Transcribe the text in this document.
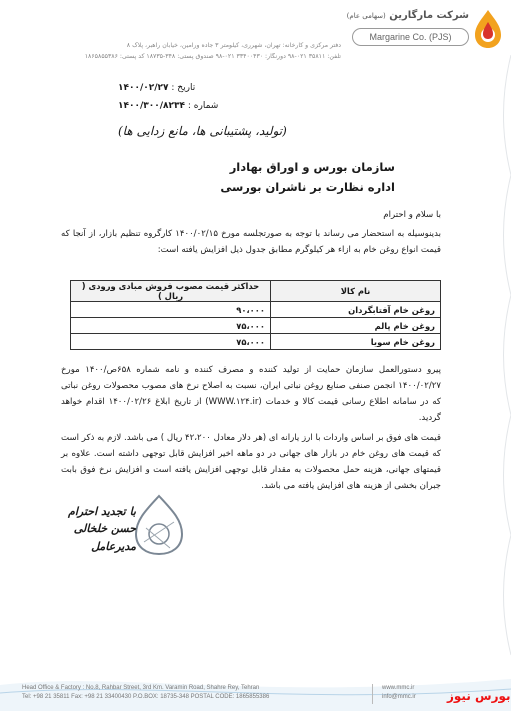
شرکت مارگارین (سهامی عام)
Margarine Co. (PJS)
دفتر مرکزی و کارخانه: تهران، شهرری، کیلومتر ۳ جاده ورامین، خیابان راهبر، پلاک ۸
تلفن: ۳۵۸۱۱ ۰۲۱-۹۸ دورنگار: ۳۳۴۰۰۴۳۰ ۰۲۱-۹۸ صندوق پستی: ۳۴۸-۱۸۷۳۵ کد پستی: ۱۸۶۵۸۵۵۳۸۶
تاریخ : ۱۴۰۰/۰۲/۲۷
شماره : ۱۴۰۰/۳۰۰/۸۲۳۴
(تولید، پشتیبانی ها، مانع زدایی ها)
سازمان بورس و اوراق بهادار
اداره نظارت بر ناشران بورسی
با سلام و احترام
بدینوسیله به استحضار می رساند با توجه به صورتجلسه مورخ ۱۴۰۰/۰۲/۱۵ کارگروه تنظیم بازار، از آنجا که قیمت انواع روغن خام به ازاء هر کیلوگرم مطابق جدول ذیل افزایش یافته است:
نام کالا	حداکثر قیمت مصوب فروش مبادی ورودی ( ریال )
روغن خام آفتابگردان	۹۰،۰۰۰
روغن خام پالم	۷۵،۰۰۰
روغن خام سویا	۷۵،۰۰۰
پیرو دستورالعمل سازمان حمایت از تولید کننده و مصرف کننده و نامه شماره ۶۵۸ص/۱۴۰۰ مورخ ۱۴۰۰/۰۲/۲۷ انجمن صنفی صنایع روغن نباتی ایران، نسبت به اصلاح نرخ های مصوب محصولات روغن نباتی که در سامانه اطلاع رسانی قیمت کالا و خدمات (WWW.۱۲۴.ir) از تاریخ ابلاغ ۱۴۰۰/۰۲/۲۶ اقدام خواهد گردید.
قیمت های فوق بر اساس واردات با ارز یارانه ای (هر دلار معادل ۴۲،۲۰۰ ریال ) می باشد. لازم به ذکر است که قیمت های روغن خام در بازار های جهانی در دو ماهه اخیر افزایش قابل توجهی داشته است. علاوه بر قیمتهای جهانی، هزینه حمل محصولات به مقدار قابل توجهی افزایش یافته است و افزایش نرخ فوق بابت جبران بخشی از هزینه های افزایش یافته می باشد.
با تجدید احترام
حسن خلخالی
مدیرعامل
Head Office & Factory : No.8, Rahbar Street, 3rd Km. Varamin Road, Shahre Rey, Tehran
Tel: +98 21 35811 Fax: +98 21 33400430 P.O.BOX: 18735-348 POSTAL CODE: 1865855386
www.mmc.ir
info@mmc.ir	بورس نیوز
